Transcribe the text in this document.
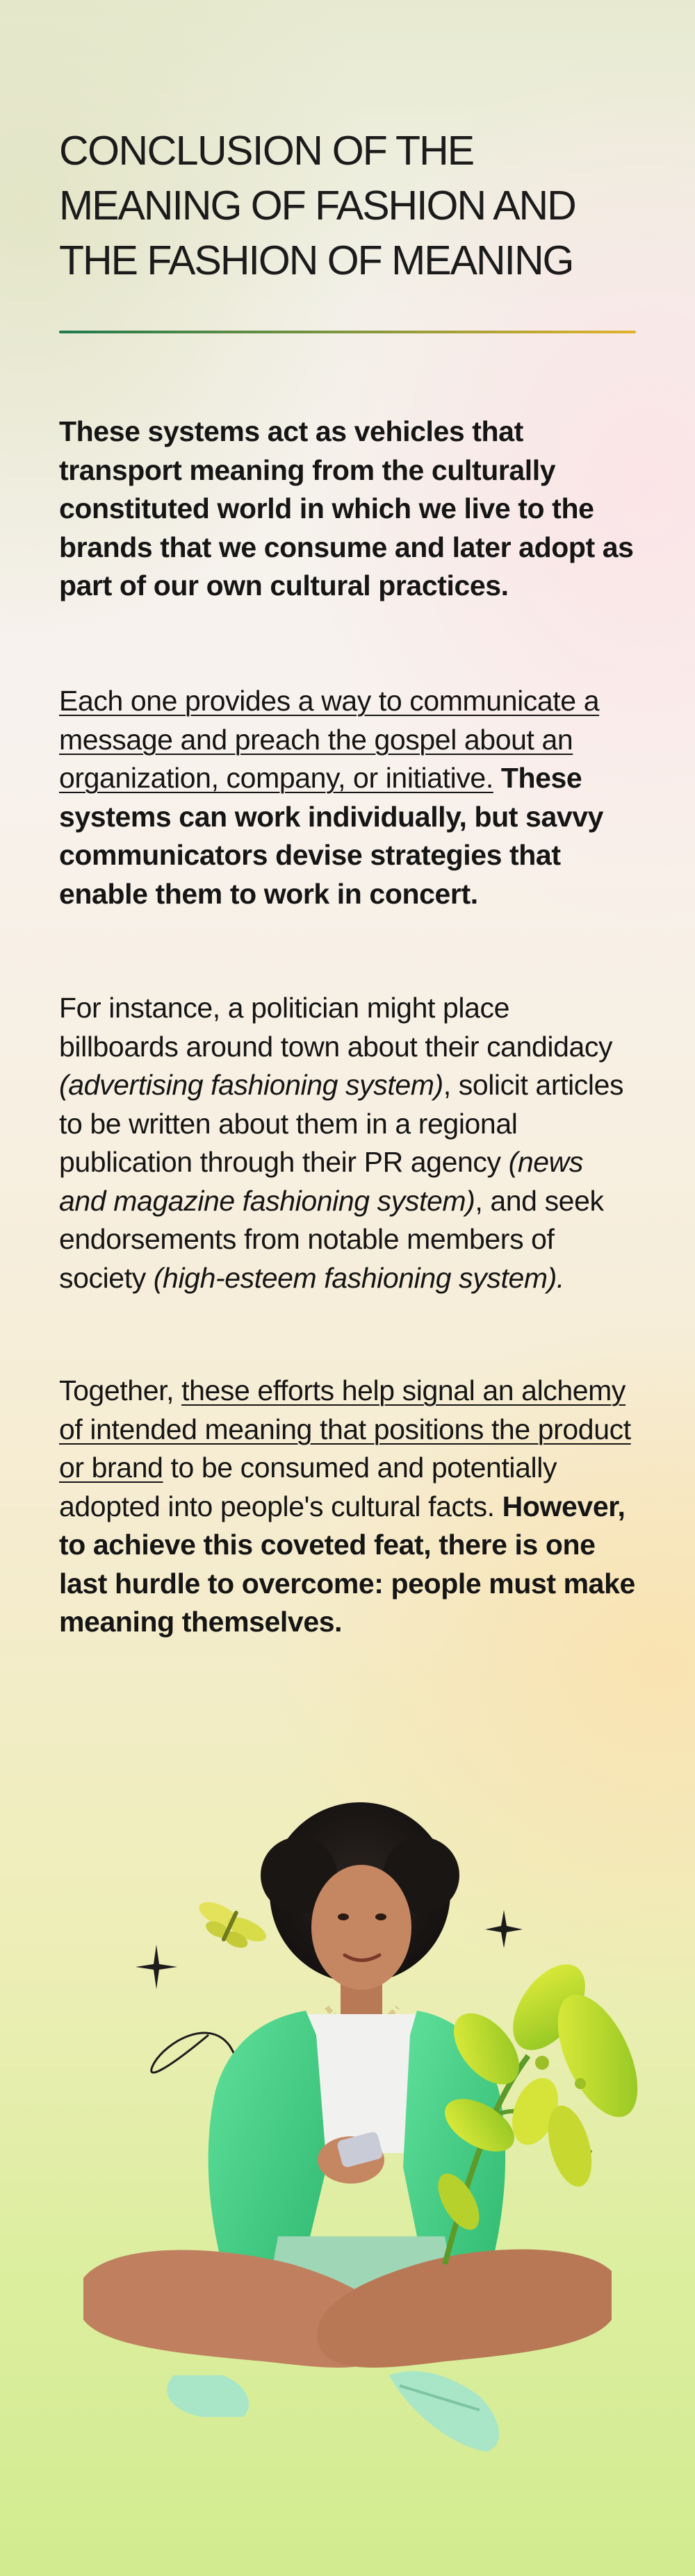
CONCLUSION OF THE MEANING OF FASHION AND THE FASHION OF MEANING

These systems act as vehicles that transport meaning from the culturally constituted world in which we live to the brands that we consume and later adopt as part of our own cultural practices.

Each one provides a way to communicate a message and preach the gospel about an organization, company, or initiative. These systems can work individually, but savvy communicators devise strategies that enable them to work in concert.

For instance, a politician might place billboards around town about their candidacy (advertising fashioning system), solicit articles to be written about them in a regional publication through their PR agency (news and magazine fashioning system), and seek endorsements from notable members of society (high-esteem fashioning system).

Together, these efforts help signal an alchemy of intended meaning that positions the product or brand to be consumed and potentially adopted into people's cultural facts. However, to achieve this coveted feat, there is one last hurdle to overcome: people must make meaning themselves.
